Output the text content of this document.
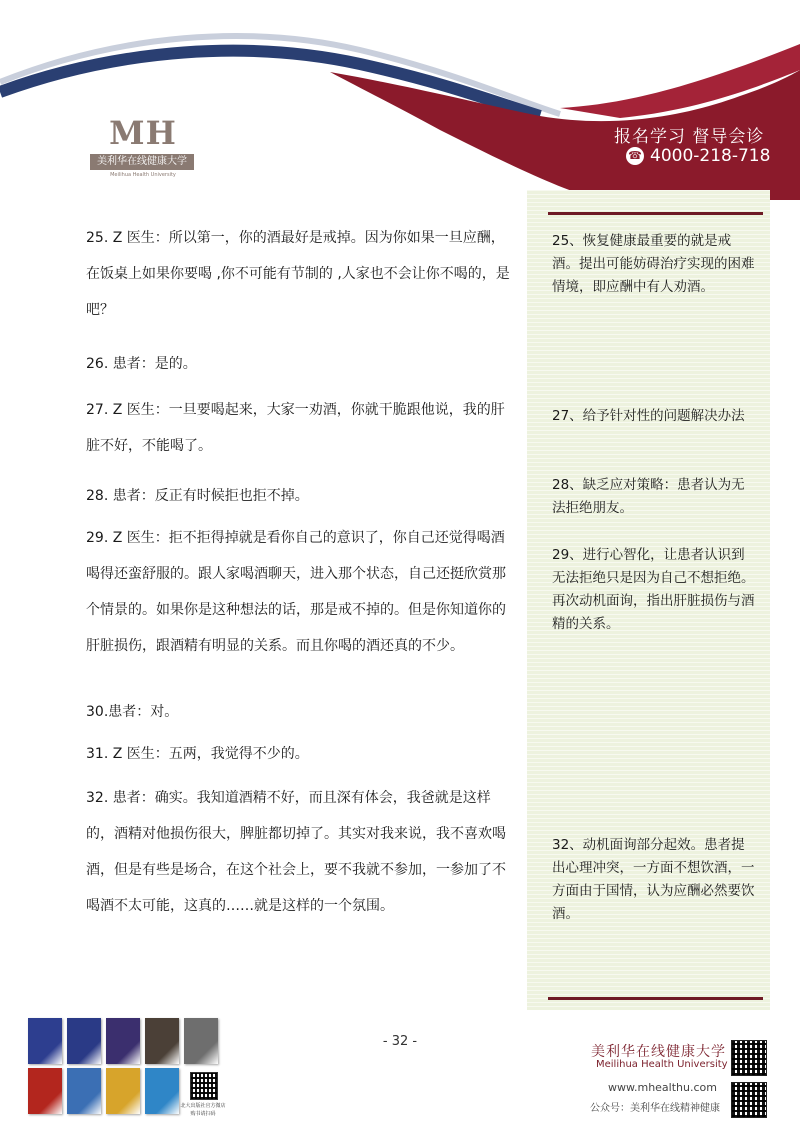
MH
美利华在线健康大学
Meilihua Health University
报名学习 督导会诊
☎ 4000-218-718
25、恢复健康最重要的就是戒酒。提出可能妨碍治疗实现的困难情境，即应酬中有人劝酒。
27、给予针对性的问题解决办法
28、缺乏应对策略：患者认为无法拒绝朋友。
29、进行心智化，让患者认识到无法拒绝只是因为自己不想拒绝。再次动机面询，指出肝脏损伤与酒精的关系。
32、动机面询部分起效。患者提出心理冲突，一方面不想饮酒，一方面由于国情，认为应酬必然要饮酒。
25. Z 医生：所以第一，你的酒最好是戒掉。因为你如果一旦应酬，在饭桌上如果你要喝 ,你不可能有节制的 ,人家也不会让你不喝的，是吧？
26. 患者：是的。
27. Z 医生：一旦要喝起来，大家一劝酒，你就干脆跟他说，我的肝脏不好，不能喝了。
28. 患者：反正有时候拒也拒不掉。
29. Z 医生：拒不拒得掉就是看你自己的意识了，你自己还觉得喝酒喝得还蛮舒服的。跟人家喝酒聊天，进入那个状态，自己还挺欣赏那个情景的。如果你是这种想法的话，那是戒不掉的。但是你知道你的肝脏损伤，跟酒精有明显的关系。而且你喝的酒还真的不少。
30.患者：对。
31. Z 医生：五两，我觉得不少的。
32. 患者：确实。我知道酒精不好，而且深有体会，我爸就是这样的，酒精对他损伤很大，脾脏都切掉了。其实对我来说，我不喜欢喝酒，但是有些是场合，在这个社会上，要不我就不参加，一参加了不喝酒不太可能，这真的……就是这样的一个氛围。
- 32 -
北大出版社官方微店
购书请扫码
美利华在线健康大学
Meilihua Health University
www.mhealthu.com
公众号：美利华在线精神健康
